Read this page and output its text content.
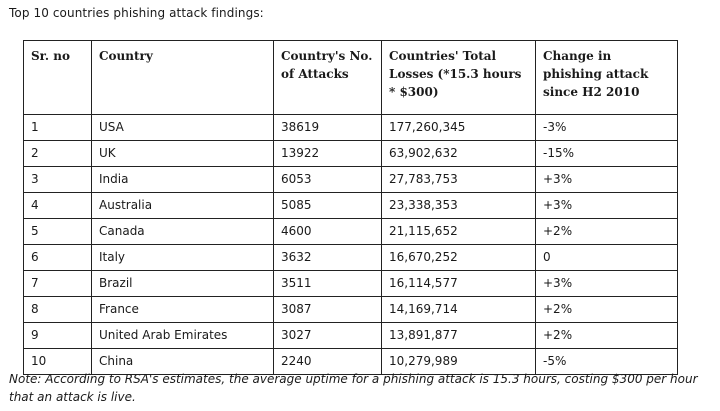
Top 10 countries phishing attack findings:
Sr. no	Country	Country's No. of Attacks	Countries' Total Losses (*15.3 hours * $300)	Change in phishing attack since H2 2010
1	USA	38619	177,260,345	-3%
2	UK	13922	63,902,632	-15%
3	India	6053	27,783,753	+3%
4	Australia	5085	23,338,353	+3%
5	Canada	4600	21,115,652	+2%
6	Italy	3632	16,670,252	0
7	Brazil	3511	16,114,577	+3%
8	France	3087	14,169,714	+2%
9	United Arab Emirates	3027	13,891,877	+2%
10	China	2240	10,279,989	-5%
Note: According to RSA's estimates, the average uptime for a phishing attack is 15.3 hours, costing $300 per hour that an attack is live.
